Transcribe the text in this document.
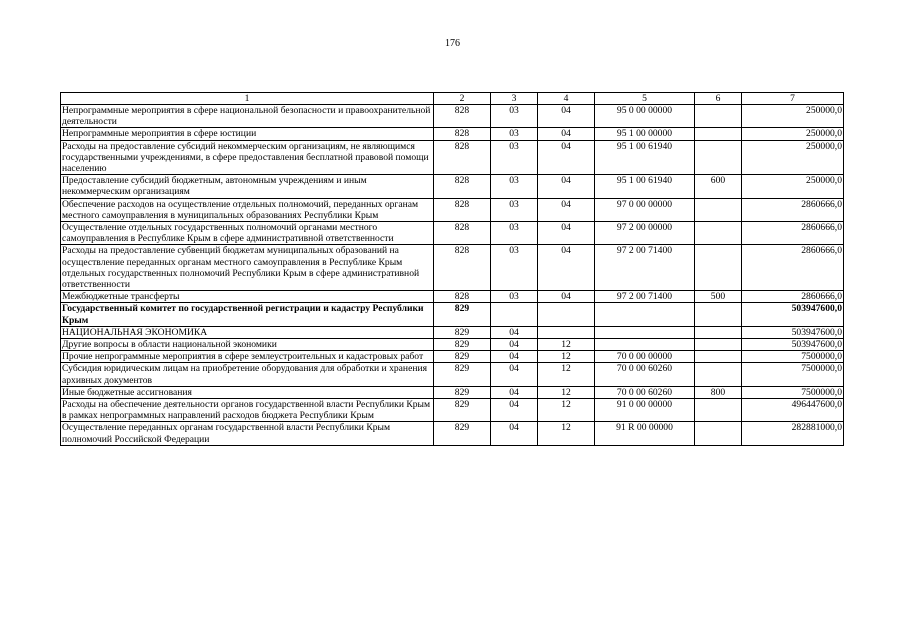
176
1	2	3	4	5	6	7
Непрограммные мероприятия в сфере национальной безопасности и правоохранительной деятельности	828	03	04	95 0 00 00000		250000,0
Непрограммные мероприятия в сфере юстиции	828	03	04	95 1 00 00000		250000,0
Расходы на предоставление субсидий некоммерческим организациям, не являющимся государственными учреждениями, в сфере предоставления бесплатной правовой помощи населению	828	03	04	95 1 00 61940		250000,0
Предоставление субсидий бюджетным, автономным учреждениям и иным некоммерческим организациям	828	03	04	95 1 00 61940	600	250000,0
Обеспечение расходов на осуществление отдельных полномочий, переданных органам местного самоуправления в муниципальных образованиях Республики Крым	828	03	04	97 0 00 00000		2860666,0
Осуществление отдельных государственных полномочий органами местного самоуправления в Республике Крым в сфере административной ответственности	828	03	04	97 2 00 00000		2860666,0
Расходы на предоставление субвенций бюджетам муниципальных образований на осуществление переданных органам местного самоуправления в Республике Крым отдельных государственных полномочий Республики Крым в сфере административной ответственности	828	03	04	97 2 00 71400		2860666,0
Межбюджетные трансферты	828	03	04	97 2 00 71400	500	2860666,0
Государственный комитет по государственной регистрации и кадастру Республики Крым	829					503947600,0
НАЦИОНАЛЬНАЯ ЭКОНОМИКА	829	04				503947600,0
Другие вопросы в области национальной экономики	829	04	12			503947600,0
Прочие непрограммные мероприятия в сфере землеустроительных и кадастровых работ	829	04	12	70 0 00 00000		7500000,0
Субсидия юридическим лицам на приобретение оборудования для обработки и хранения архивных документов	829	04	12	70 0 00 60260		7500000,0
Иные бюджетные ассигнования	829	04	12	70 0 00 60260	800	7500000,0
Расходы на обеспечение деятельности органов государственной власти Республики Крым в рамках непрограммных направлений расходов бюджета Республики Крым	829	04	12	91 0 00 00000		496447600,0
Осуществление переданных органам государственной власти Республики Крым полномочий Российской Федерации	829	04	12	91 R 00 00000		282881000,0
